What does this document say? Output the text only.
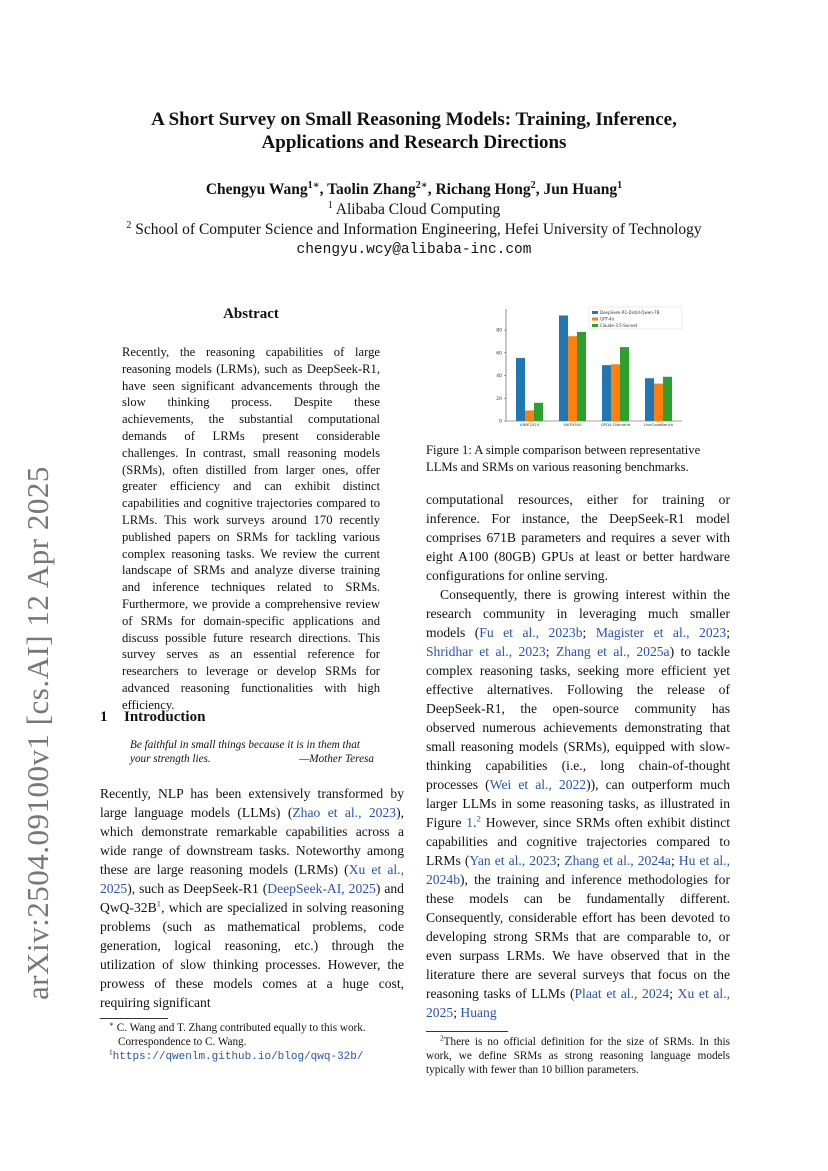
arXiv:2504.09100v1 [cs.AI] 12 Apr 2025
A Short Survey on Small Reasoning Models: Training, Inference,
Applications and Research Directions
Chengyu Wang$^{1∗}$, Taolin Zhang$^{2∗}$, Richang Hong$^2$, Jun Huang$^1$
$^1$ Alibaba Cloud Computing
$^2$ School of Computer Science and Information Engineering, Hefei University of Technology
chengyu.wcy@alibaba-inc.com
Abstract
Recently, the reasoning capabilities of large reasoning models (LRMs), such as DeepSeek-R1, have seen significant advancements through the slow thinking process. Despite these achievements, the substantial computational demands of LRMs present considerable challenges. In contrast, small reasoning models (SRMs), often distilled from larger ones, offer greater efficiency and can exhibit distinct capabilities and cognitive trajectories compared to LRMs. This work surveys around 170 recently published papers on SRMs for tackling various complex reasoning tasks. We review the current landscape of SRMs and analyze diverse training and inference techniques related to SRMs. Furthermore, we provide a comprehensive review of SRMs for domain-specific applications and discuss possible future research directions. This survey serves as an essential reference for researchers to leverage or develop SRMs for advanced reasoning functionalities with high efficiency.
1 Introduction
Be faithful in small things because it is in them that your strength lies.	—Mother Teresa
Recently, NLP has been extensively transformed by large language models (LLMs) (Zhao et al., 2023), which demonstrate remarkable capabilities across a wide range of downstream tasks. Noteworthy among these are large reasoning models (LRMs) (Xu et al., 2025), such as DeepSeek-R1 (DeepSeek-AI, 2025) and QwQ-$32B^1$, which are specialized in solving reasoning problems (such as mathematical problems, code generation, logical reasoning, etc.) through the utilization of slow thinking processes. However, the prowess of these models comes at a huge cost, requiring significant
∗ C. Wang and T. Zhang contributed equally to this work. Correspondence to C. Wang.
$^1$https://qwenlm.github.io/blog/qwq-32b/
0
20
40
60
80
AIME2024	MATH500	GPQA Diamond	LiveCodeBench
DeepSeek-R1-Distill-Qwen-7B
GPT-4o
Claude-3.5-Sonnet
Figure 1: A simple comparison between representative LLMs and SRMs on various reasoning benchmarks.

computational resources, either for training or inference. For instance, the DeepSeek-R1 model comprises 671B parameters and requires a sever with eight A100 (80GB) GPUs at least or better hardware configurations for online serving.

Consequently, there is growing interest within the research community in leveraging much smaller models (Fu et al., 2023b; Magister et al., 2023; Shridhar et al., 2023; Zhang et al., 2025a) to tackle complex reasoning tasks, seeking more efficient yet effective alternatives. Following the release of DeepSeek-R1, the open-source community has observed numerous achievements demonstrating that small reasoning models (SRMs), equipped with slow-thinking capabilities (i.e., long chain-of-thought processes (Wei et al., 2022)), can outperform much larger LLMs in some reasoning tasks, as illustrated in Figure 1.$^2$ However, since SRMs often exhibit distinct capabilities and cognitive trajectories compared to LRMs (Yan et al., 2023; Zhang et al., 2024a; Hu et al., 2024b), the training and inference methodologies for these models can be fundamentally different. Consequently, considerable effort has been devoted to developing strong SRMs that are comparable to, or even surpass LRMs. We have observed that in the literature there are several surveys that focus on the reasoning tasks of LLMs (Plaat et al., 2024; Xu et al., 2025; Huang

$^2$There is no official definition for the size of SRMs. In this work, we define SRMs as strong reasoning language models typically with fewer than 10 billion parameters.
